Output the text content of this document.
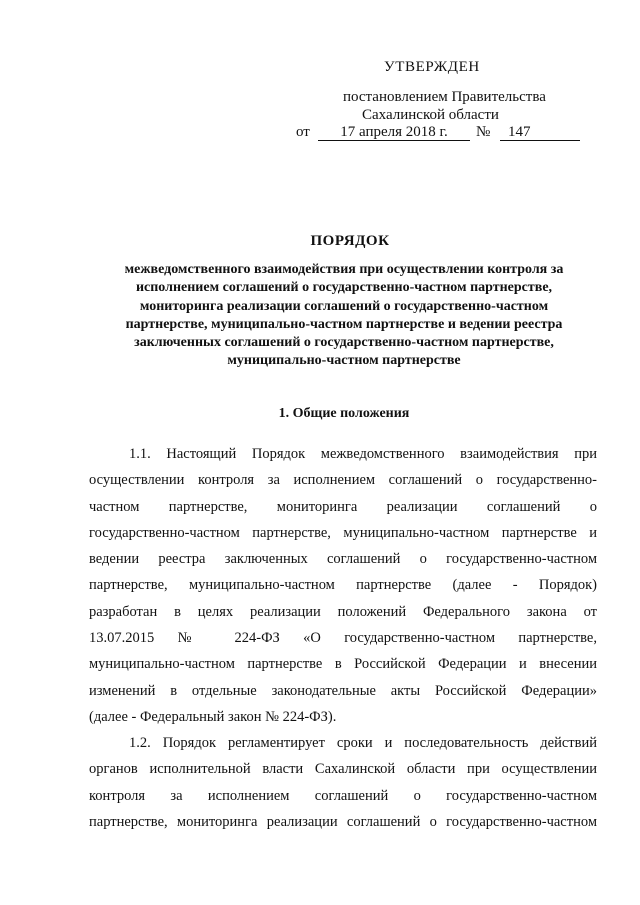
УТВЕРЖДЕН
постановлением Правительства
Сахалинской области
от 17 апреля 2018 г. № 147
ПОРЯДОК
межведомственного взаимодействия при осуществлении контроля за
исполнением соглашений о государственно-частном партнерстве,
мониторинга реализации соглашений о государственно-частном
партнерстве, муниципально-частном партнерстве и ведении реестра
заключенных соглашений о государственно-частном партнерстве,
муниципально-частном партнерстве
1. Общие положения
1.1. Настоящий Порядок межведомственного взаимодействия при
осуществлении контроля за исполнением соглашений о государственно-
частном партнерстве, мониторинга реализации соглашений о
государственно-частном партнерстве, муниципально-частном партнерстве и
ведении реестра заключенных соглашений о государственно-частном
партнерстве, муниципально-частном партнерстве (далее - Порядок)
разработан в целях реализации положений Федерального закона от
13.07.2015 № 224-ФЗ «О государственно-частном партнерстве,
муниципально-частном партнерстве в Российской Федерации и внесении
изменений в отдельные законодательные акты Российской Федерации»
(далее - Федеральный закон № 224-ФЗ).
1.2. Порядок регламентирует сроки и последовательность действий
органов исполнительной власти Сахалинской области при осуществлении
контроля за исполнением соглашений о государственно-частном
партнерстве, мониторинга реализации соглашений о государственно-частном
